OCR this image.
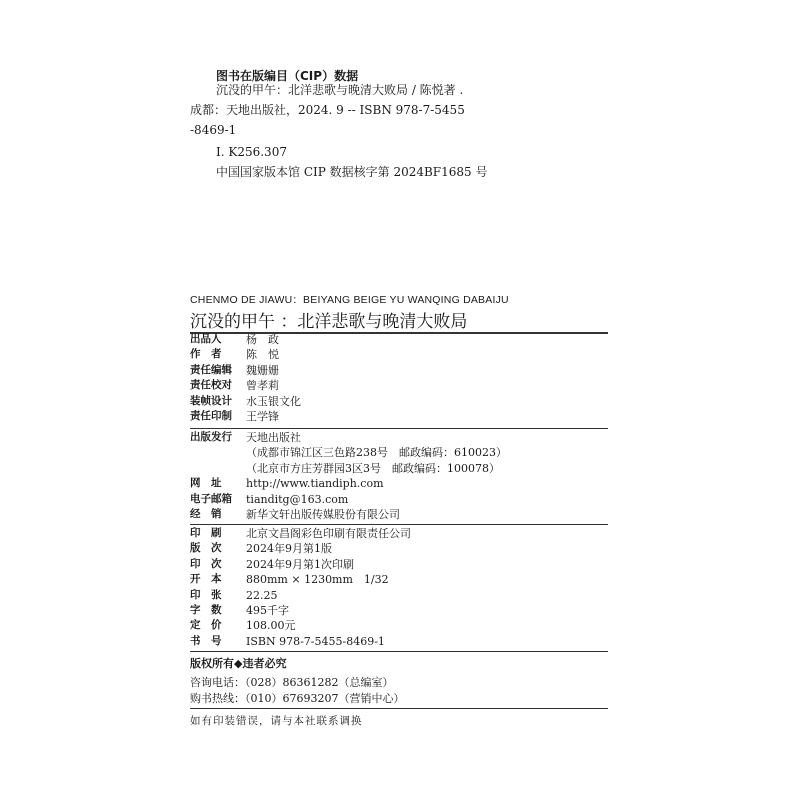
图书在版编目（CIP）数据
沉没的甲午：北洋悲歌与晚清大败局 / 陈悦著 .
成都：天地出版社，2024. 9 -- ISBN 978-7-5455
-8469-1
Ⅰ. K256.307
中国国家版本馆 CIP 数据核字第 2024BF1685 号
CHENMO DE JIAWU：BEIYANG BEIGE YU WANQING DABAIJU
沉没的甲午 ：北洋悲歌与晚清大败局
出品人 杨　政
作　者 陈　悦
责任编辑 魏姗姗
责任校对 曾孝莉
装帧设计 水玉银文化
责任印制 王学锋
出版发行 天地出版社
（成都市锦江区三色路238号　邮政编码：610023）
（北京市方庄芳群园3区3号　邮政编码：100078）
网　址 http://www.tiandiph.com
电子邮箱 tianditg@163.com
经　销 新华文轩出版传媒股份有限公司
印　刷 北京文昌阁彩色印刷有限责任公司
版　次 2024年9月第1版
印　次 2024年9月第1次印刷
开　本 880mm × 1230mm　1/32
印　张 22.25
字　数 495千字
定　价 108.00元
书　号 ISBN 978-7-5455-8469-1
版权所有◆违者必究
咨询电话：（028）86361282（总编室）
购书热线：（010）67693207（营销中心）
如有印装错误，请与本社联系调换
